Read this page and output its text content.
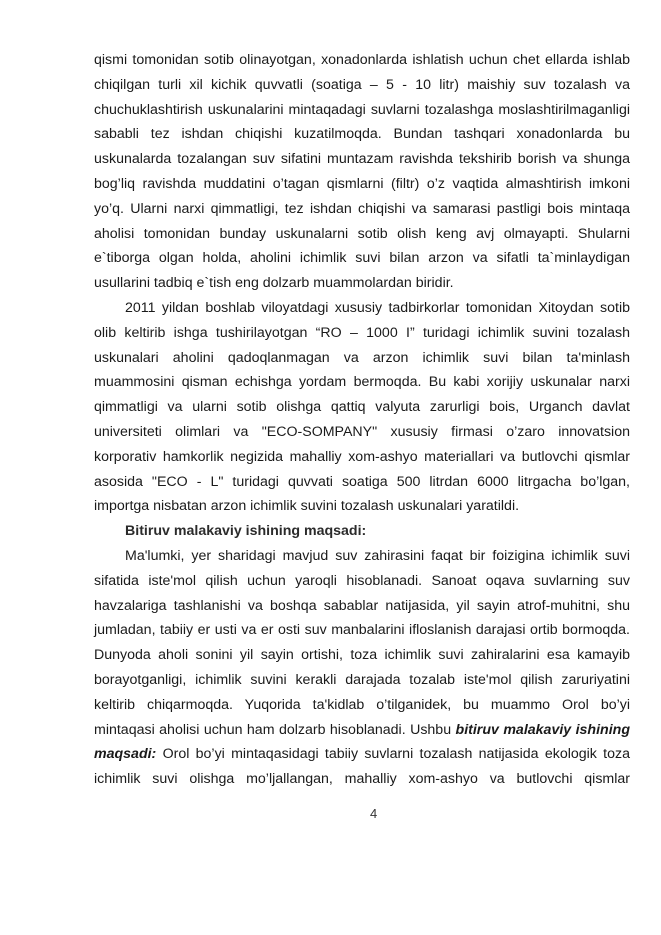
qismi tomonidan sotib olinayotgan, xonadonlarda ishlatish uchun chet ellarda ishlab
chiqilgan turli xil kichik quvvatli (soatiga – 5 - 10 litr) maishiy suv tozalash va
chuchuklashtirish uskunalarini mintaqadagi suvlarni tozalashga moslashtirilmaganligi
sababli tez ishdan chiqishi kuzatilmoqda. Bundan tashqari xonadonlarda bu
uskunalarda tozalangan suv sifatini muntazam ravishda tekshirib borish va shunga
bog’liq ravishda muddatini o’tagan qismlarni (filtr) o’z vaqtida almashtirish imkoni
yo’q. Ularni narxi qimmatligi, tez ishdan chiqishi va samarasi pastligi bois mintaqa
aholisi tomonidan bunday uskunalarni sotib olish keng avj olmayapti. Shularni
e`tiborga olgan holda, aholini ichimlik suvi bilan arzon va sifatli ta`minlaydigan
usullarini tadbiq e`tish eng dolzarb muammolardan biridir.
2011 yildan boshlab viloyatdagi xususiy tadbirkorlar tomonidan Xitoydan sotib
olib keltirib ishga tushirilayotgan “RO – 1000 I” turidagi ichimlik suvini tozalash
uskunalari aholini qadoqlanmagan va arzon ichimlik suvi bilan ta'minlash
muammosini qisman echishga yordam bermoqda. Bu kabi xorijiy uskunalar narxi
qimmatligi va ularni sotib olishga qattiq valyuta zarurligi bois, Urganch davlat
universiteti olimlari va "ECO-SOMPANY" xususiy firmasi o’zaro innovatsion
korporativ hamkorlik negizida mahalliy xom-ashyo materiallari va butlovchi qismlar
asosida "ECO - L" turidagi quvvati soatiga 500 litrdan 6000 litrgacha bo’lgan,
importga nisbatan arzon ichimlik suvini tozalash uskunalari yaratildi.
Bitiruv malakaviy ishining maqsadi:
Ma'lumki, yer sharidagi mavjud suv zahirasini faqat bir foizigina ichimlik suvi
sifatida iste'mol qilish uchun yaroqli hisoblanadi. Sanoat oqava suvlarning suv
havzalariga tashlanishi va boshqa sabablar natijasida, yil sayin atrof-muhitni, shu
jumladan, tabiiy er usti va er osti suv manbalarini ifloslanish darajasi ortib bormoqda.
Dunyoda aholi sonini yil sayin ortishi, toza ichimlik suvi zahiralarini esa kamayib
borayotganligi, ichimlik suvini kerakli darajada tozalab iste'mol qilish zaruriyatini
keltirib chiqarmoqda. Yuqorida ta'kidlab o’tilganidek, bu muammo Orol bo’yi
mintaqasi aholisi uchun ham dolzarb hisoblanadi. Ushbu bitiruv malakaviy ishining
maqsadi: Orol bo’yi mintaqasidagi tabiiy suvlarni tozalash natijasida ekologik toza
ichimlik suvi olishga mo’ljallangan, mahalliy xom-ashyo va butlovchi qismlar
4
